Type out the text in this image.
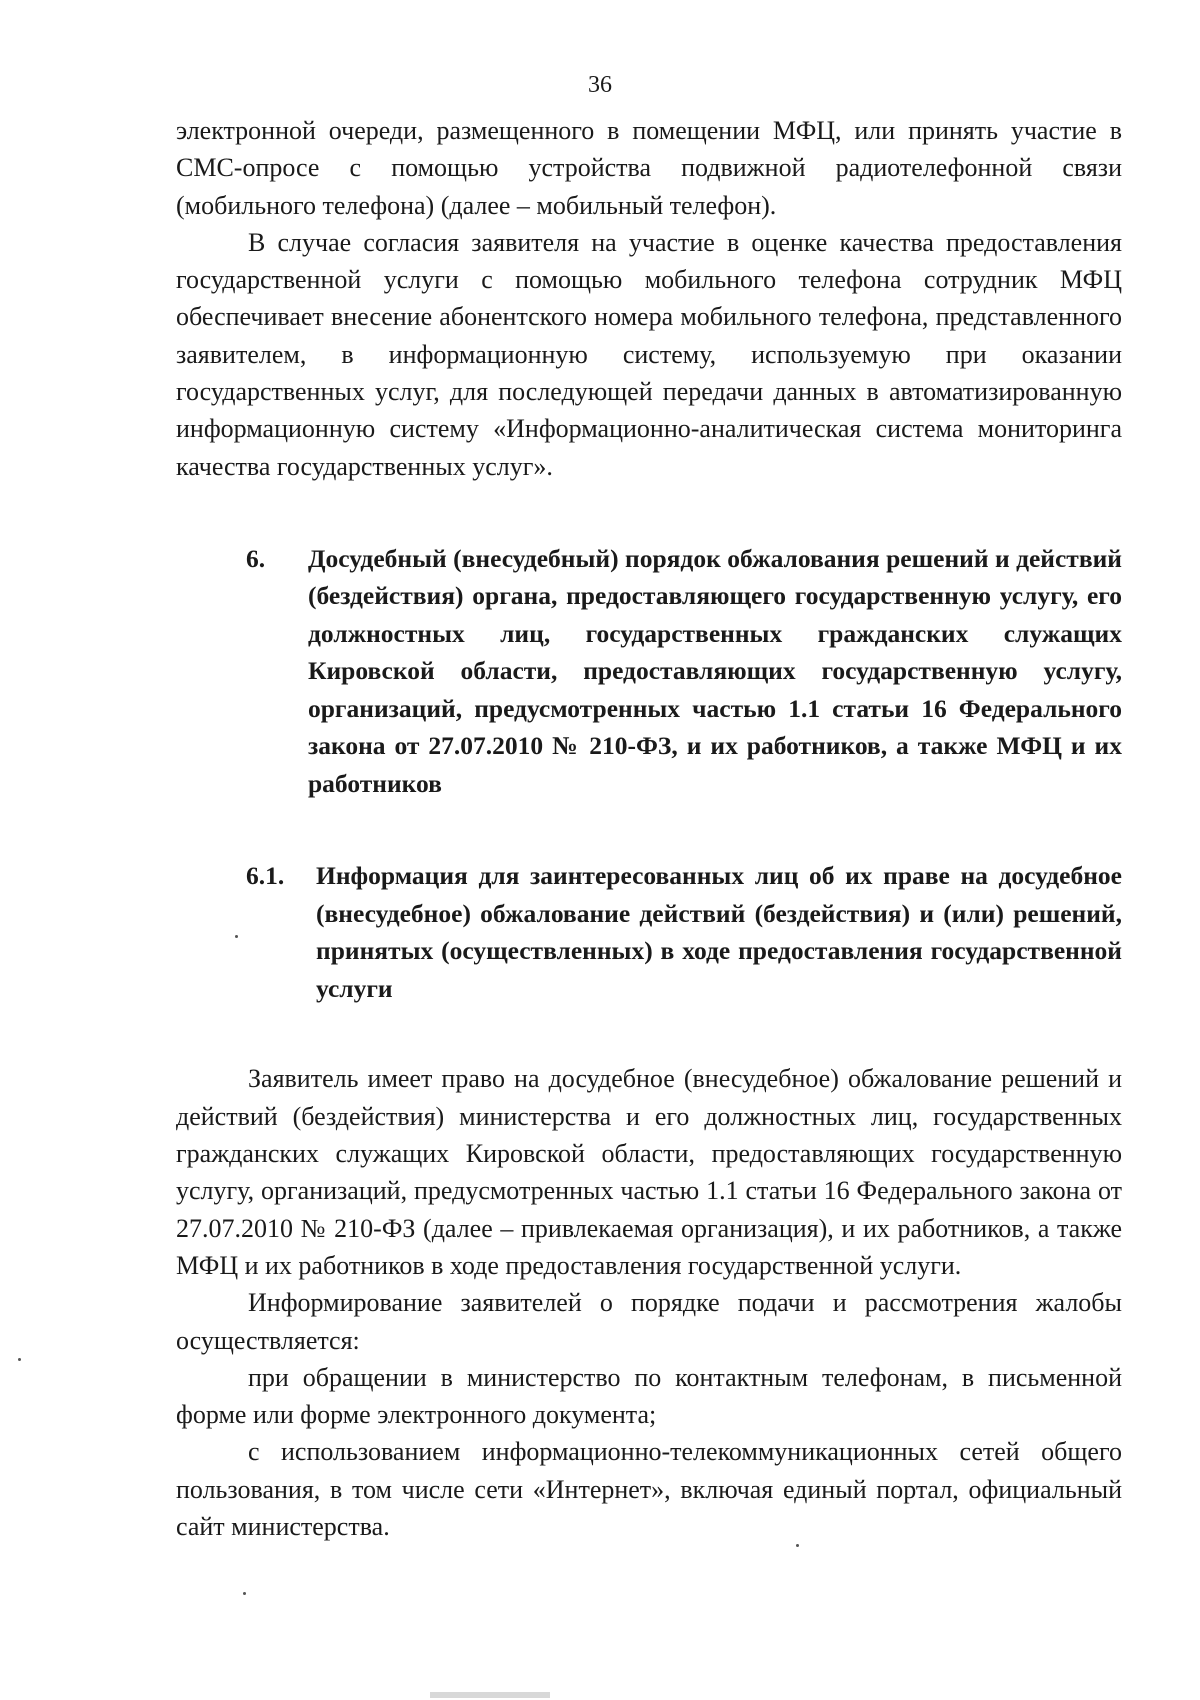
36

электронной очереди, размещенного в помещении МФЦ, или принять участие в СМС-опросе с помощью устройства подвижной радиотелефонной связи (мобильного телефона) (далее – мобильный телефон).

В случае согласия заявителя на участие в оценке качества предоставления государственной услуги с помощью мобильного телефона сотрудник МФЦ обеспечивает внесение абонентского номера мобильного телефона, представленного заявителем, в информационную систему, используемую при оказании государственных услуг, для последующей передачи данных в автоматизированную информационную систему «Информационно-аналитическая система мониторинга качества государственных услуг».

6.	Досудебный (внесудебный) порядок обжалования решений и действий (бездействия) органа, предоставляющего государственную услугу, его должностных лиц, государственных гражданских служащих Кировской области, предоставляющих государственную услугу, организаций, предусмотренных частью 1.1 статьи 16 Федерального закона от 27.07.2010 № 210-ФЗ, и их работников, а также МФЦ и их работников
6.1.	Информация для заинтересованных лиц об их праве на досудебное (внесудебное) обжалование действий (бездействия) и (или) решений, принятых (осуществленных) в ходе предоставления государственной услуги

Заявитель имеет право на досудебное (внесудебное) обжалование решений и действий (бездействия) министерства и его должностных лиц, государственных гражданских служащих Кировской области, предоставляющих государственную услугу, организаций, предусмотренных частью 1.1 статьи 16 Федерального закона от 27.07.2010 № 210-ФЗ (далее – привлекаемая организация), и их работников, а также МФЦ и их работников в ходе предоставления государственной услуги.

Информирование заявителей о порядке подачи и рассмотрения жалобы осуществляется:

при обращении в министерство по контактным телефонам, в письменной форме или форме электронного документа;

с использованием информационно-телекоммуникационных сетей общего пользования, в том числе сети «Интернет», включая единый портал, официальный сайт министерства.
